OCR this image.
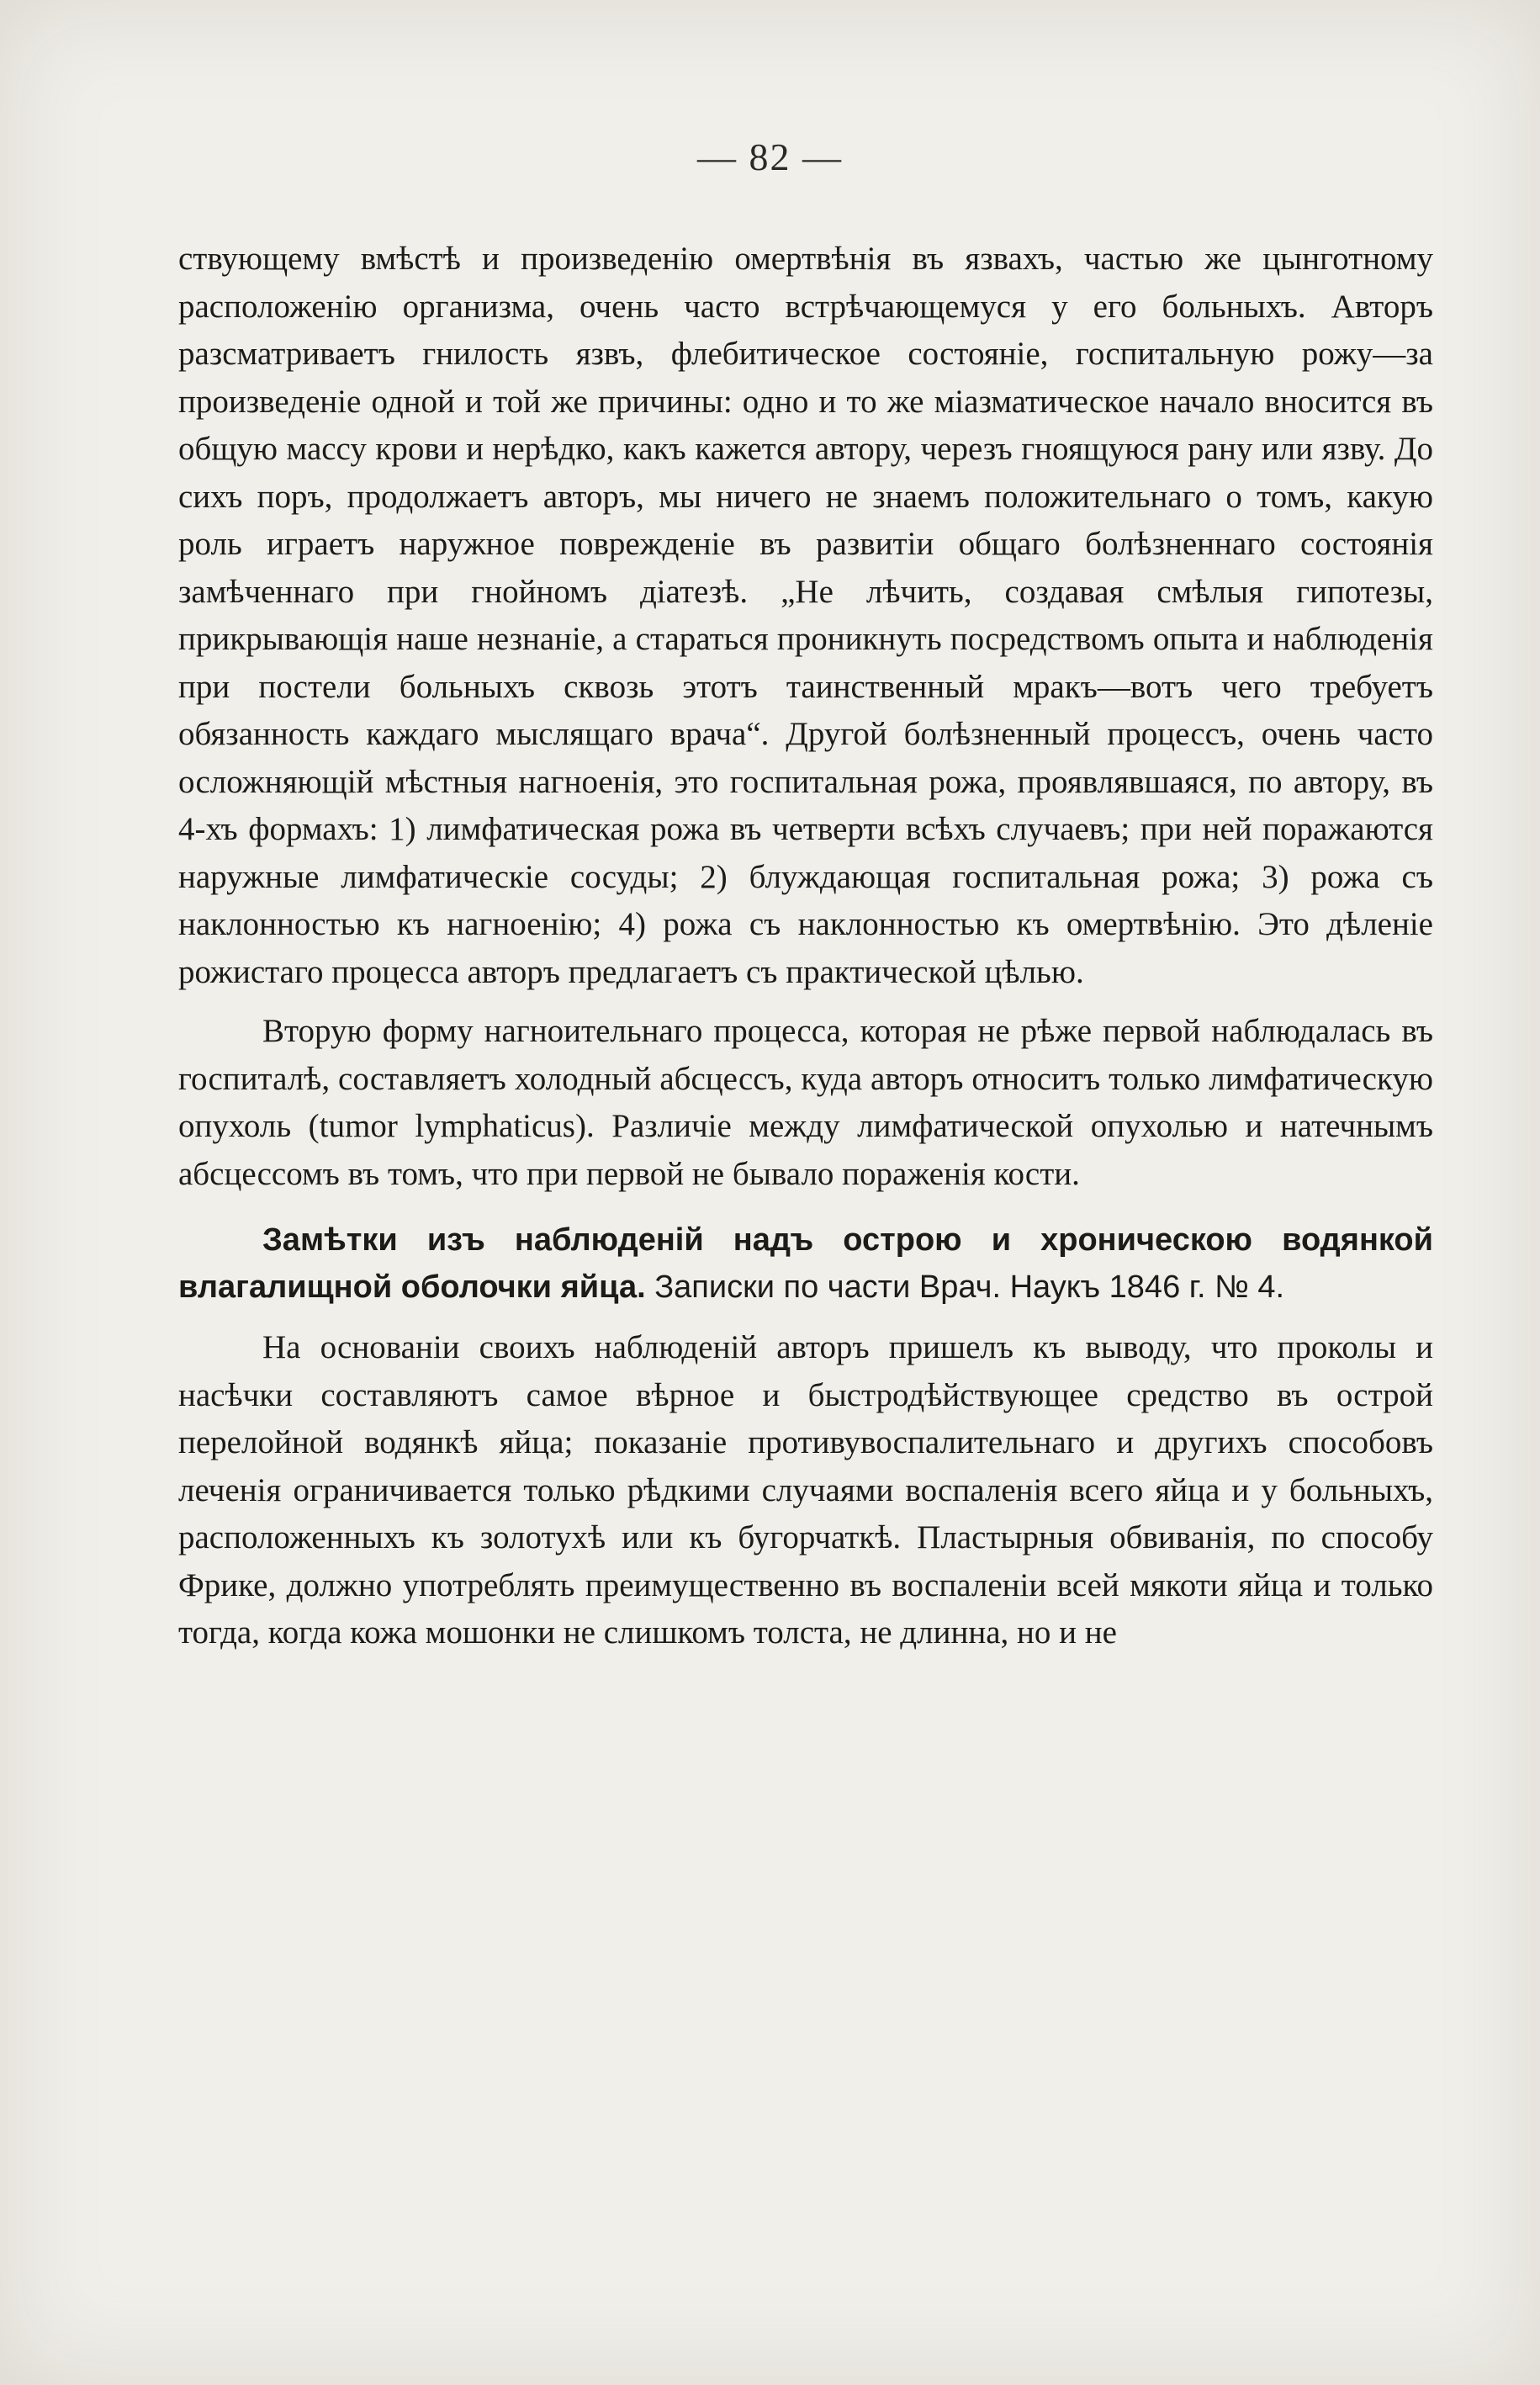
— 82 —

ствующему вмѣстѣ и произведенію омертвѣнія въ язвахъ, частью же цынготному расположенію организма, очень часто встрѣчающемуся у его больныхъ. Авторъ разсматриваетъ гнилость язвъ, флебитическое состояніе, госпитальную рожу—за произведеніе одной и той же причины: одно и то же міазматическое начало вносится въ общую массу крови и нерѣдко, какъ кажется автору, черезъ гноящуюся рану или язву. До сихъ поръ, продолжаетъ авторъ, мы ничего не знаемъ положительнаго о томъ, какую роль играетъ наружное поврежденіе въ развитіи общаго болѣзненнаго состоянія замѣченнаго при гнойномъ діатезѣ. „Не лѣчить, создавая смѣлыя гипотезы, прикрывающія наше незнаніе, а стараться проникнуть посредствомъ опыта и наблюденія при постели больныхъ сквозь этотъ таинственный мракъ—вотъ чего требуетъ обязанность каждаго мыслящаго врача“. Другой болѣзненный процессъ, очень часто осложняющій мѣстныя нагноенія, это госпитальная рожа, проявлявшаяся, по автору, въ 4-хъ формахъ: 1) лимфатическая рожа въ четверти всѣхъ случаевъ; при ней поражаются наружные лимфатическіе сосуды; 2) блуждающая госпитальная рожа; 3) рожа съ наклонностью къ нагноенію; 4) рожа съ наклонностью къ омертвѣнію. Это дѣленіе рожистаго процесса авторъ предлагаетъ съ практической цѣлью.

Вторую форму нагноительнаго процесса, которая не рѣже первой наблюдалась въ госпиталѣ, составляетъ холодный абсцессъ, куда авторъ относитъ только лимфатическую опухоль (tumor lymphaticus). Различіе между лимфатической опухолью и натечнымъ абсцессомъ въ томъ, что при первой не бывало пораженія кости.

Замѣтки изъ наблюденій надъ острою и хроническою водянкой влагалищной оболочки яйца. Записки по части Врач. Наукъ 1846 г. № 4.

На основаніи своихъ наблюденій авторъ пришелъ къ выводу, что проколы и насѣчки составляютъ самое вѣрное и быстродѣйствующее средство въ острой перелойной водянкѣ яйца; показаніе противувоспалительнаго и другихъ способовъ леченія ограничивается только рѣдкими случаями воспаленія всего яйца и у больныхъ, расположенныхъ къ золотухѣ или къ бугорчаткѣ. Пластырныя обвиванія, по способу Фрике, должно употреблять преимущественно въ воспаленіи всей мякоти яйца и только тогда, когда кожа мошонки не слишкомъ толста, не длинна, но и не
